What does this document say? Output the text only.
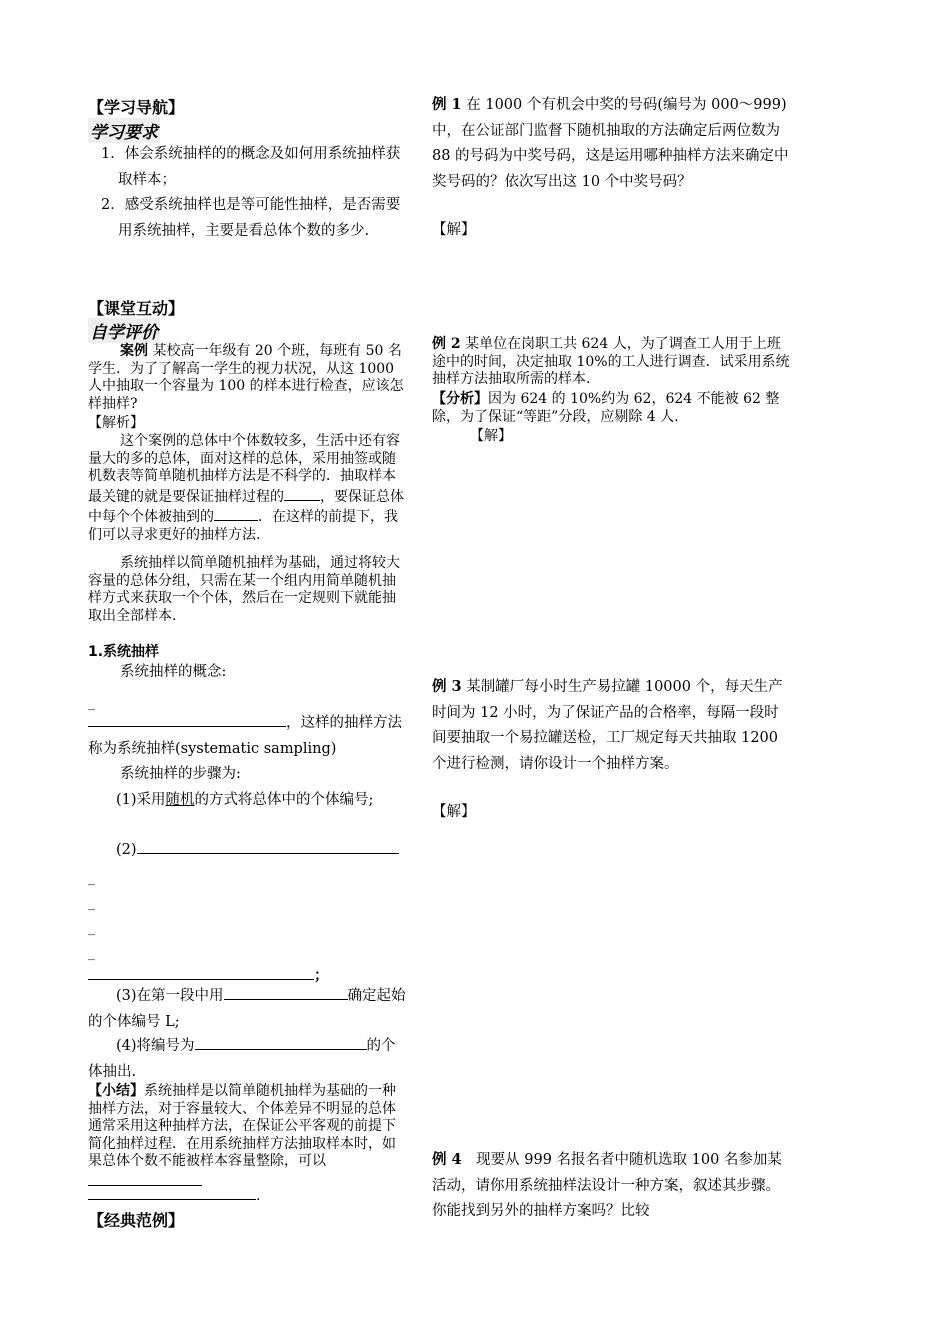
【学习导航】
学习要求
1．体会系统抽样的的概念及如何用系统抽样获取样本；
2．感受系统抽样也是等可能性抽样，是否需要用系统抽样，主要是看总体个数的多少.
【课堂互动】
自学评价
案例 某校高一年级有 20 个班，每班有 50 名学生．为了了解高一学生的视力状况，从这 1000 人中抽取一个容量为 100 的样本进行检查，应该怎样抽样?
【解析】
这个案例的总体中个体数较多，生活中还有容量大的多的总体，面对这样的总体，采用抽签或随机数表等简单随机抽样方法是不科学的．抽取样本最关键的就是要保证抽样过程的	，要保证总体中每个个体被抽到的	．在这样的前提下，我们可以寻求更好的抽样方法.
系统抽样以简单随机抽样为基础，通过将较大容量的总体分组，只需在某一个组内用简单随机抽样方式来获取一个个体，然后在一定规则下就能抽取出全部样本.
1.系统抽样
系统抽样的概念:
_
，这样的抽样方法称为系统抽样(systematic sampling)
系统抽样的步骤为:
(1)采用随机的方式将总体中的个体编号;
(2)
_
_
_
_
；
(3)在第一段中用	确定起始的个体编号 L;
(4)将编号为	的个体抽出.
【小结】系统抽样是以简单随机抽样为基础的一种抽样方法，对于容量较大、个体差异不明显的总体通常采用这种抽样方法，在保证公平客观的前提下简化抽样过程．在用系统抽样方法抽取样本时，如果总体个数不能被样本容量整除，可以
.
【经典范例】
例 1 在 1000 个有机会中奖的号码(编号为 000～999)中，在公证部门监督下随机抽取的方法确定后两位数为 88 的号码为中奖号码，这是运用哪种抽样方法来确定中奖号码的？依次写出这 10 个中奖号码？
【解】
例 2 某单位在岗职工共 624 人，为了调查工人用于上班途中的时间，决定抽取 10%的工人进行调查．试采用系统抽样方法抽取所需的样本.
【分析】因为 624 的 10%约为 62，624 不能被 62 整除，为了保证“等距”分段，应剔除 4 人.
【解】
例 3 某制罐厂每小时生产易拉罐 10000 个，每天生产时间为 12 小时，为了保证产品的合格率，每隔一段时间要抽取一个易拉罐送检，工厂规定每天共抽取 1200 个进行检测，请你设计一个抽样方案。
【解】
例 4　现要从 999 名报名者中随机选取 100 名参加某活动，请你用系统抽样法设计一种方案，叙述其步骤。你能找到另外的抽样方案吗？比较
